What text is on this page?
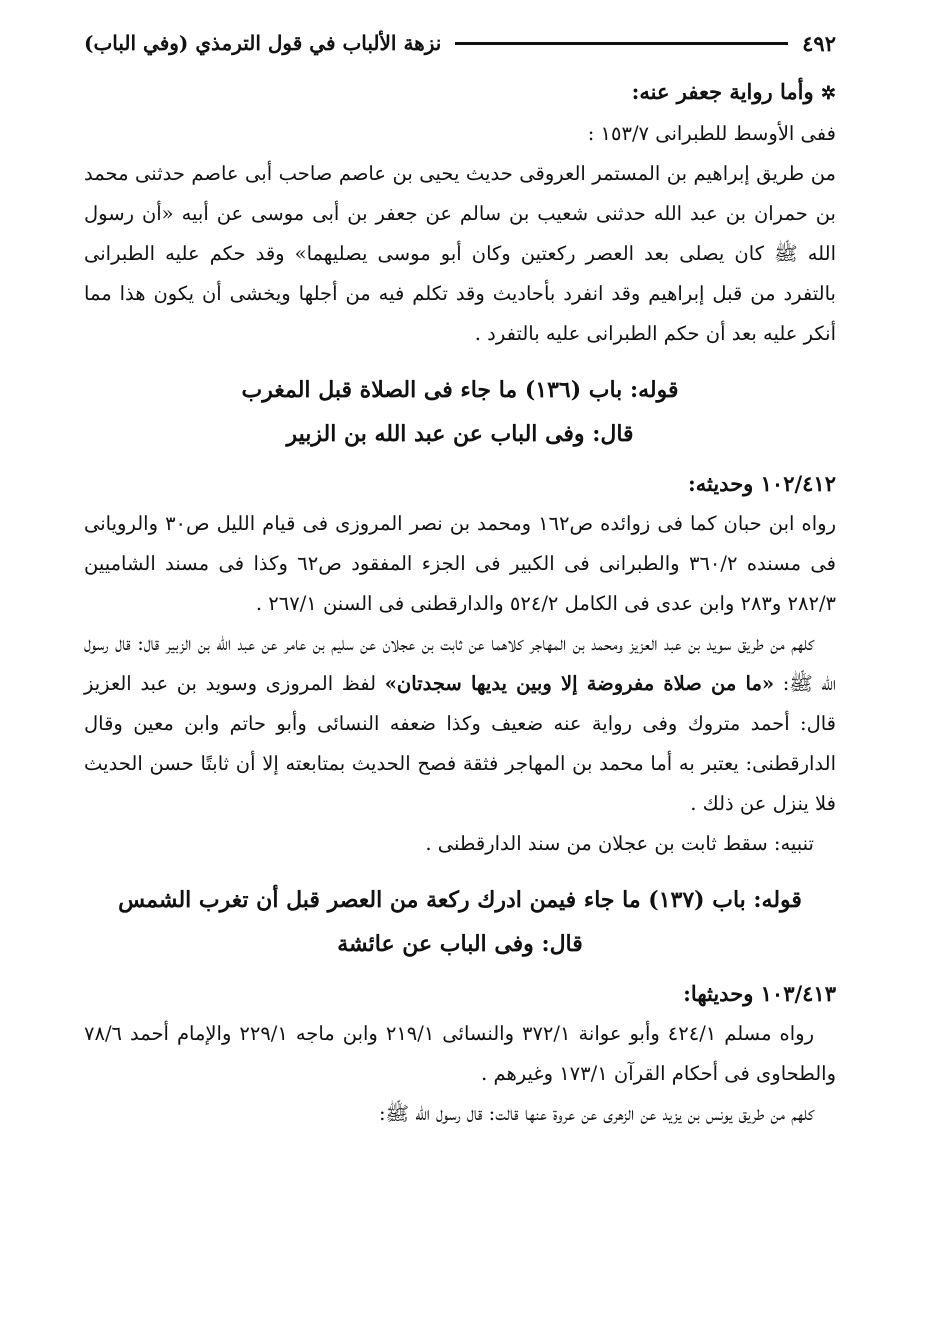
٤٩٢
نزهة الألباب في قول الترمذي (وفي الباب)

✲ وأما رواية جعفر عنه:

ففى الأوسط للطبرانى ١٥٣/٧ :

من طريق إبراهيم بن المستمر العروقى حديث يحيى بن عاصم صاحب أبى عاصم حدثنى محمد بن حمران بن عبد الله حدثنى شعيب بن سالم عن جعفر بن أبى موسى عن أبيه «أن رسول الله ﷺ كان يصلى بعد العصر ركعتين وكان أبو موسى يصليهما» وقد حكم عليه الطبرانى بالتفرد من قبل إبراهيم وقد انفرد بأحاديث وقد تكلم فيه من أجلها ويخشى أن يكون هذا مما أنكر عليه بعد أن حكم الطبرانى عليه بالتفرد .

قوله: باب (١٣٦) ما جاء فى الصلاة قبل المغرب

قال: وفى الباب عن عبد الله بن الزبير

١٠٢/٤١٢ وحديثه:

رواه ابن حبان كما فى زوائده ص١٦٢ ومحمد بن نصر المروزى فى قيام الليل ص٣٠ والرويانى فى مسنده ٣٦٠/٢ والطبرانى فى الكبير فى الجزء المفقود ص٦٢ وكذا فى مسند الشاميين ٢٨٢/٣ و٢٨٣ وابن عدى فى الكامل ٥٢٤/٢ والدارقطنى فى السنن ٢٦٧/١ .

كلهم من طريق سويد بن عبد العزيز ومحمد بن المهاجر كلاهما عن ثابت بن عجلان عن سليم بن عامر عن عبد الله بن الزبير قال: قال رسول الله ﷺ: «ما من صلاة مفروضة إلا وبين يديها سجدتان» لفظ المروزى وسويد بن عبد العزيز قال: أحمد متروك وفى رواية عنه ضعيف وكذا ضعفه النسائى وأبو حاتم وابن معين وقال الدارقطنى: يعتبر به أما محمد بن المهاجر فثقة فصح الحديث بمتابعته إلا أن ثابتًا حسن الحديث فلا ينزل عن ذلك .

تنبيه: سقط ثابت بن عجلان من سند الدارقطنى .

قوله: باب (١٣٧) ما جاء فيمن ادرك ركعة من العصر قبل أن تغرب الشمس

قال: وفى الباب عن عائشة

١٠٣/٤١٣ وحديثها:

رواه مسلم ٤٢٤/١ وأبو عوانة ٣٧٢/١ والنسائى ٢١٩/١ وابن ماجه ٢٢٩/١ والإمام أحمد ٧٨/٦ والطحاوى فى أحكام القرآن ١٧٣/١ وغيرهم .

كلهم من طريق يونس بن يزيد عن الزهرى عن عروة عنها قالت: قال رسول الله ﷺ:
